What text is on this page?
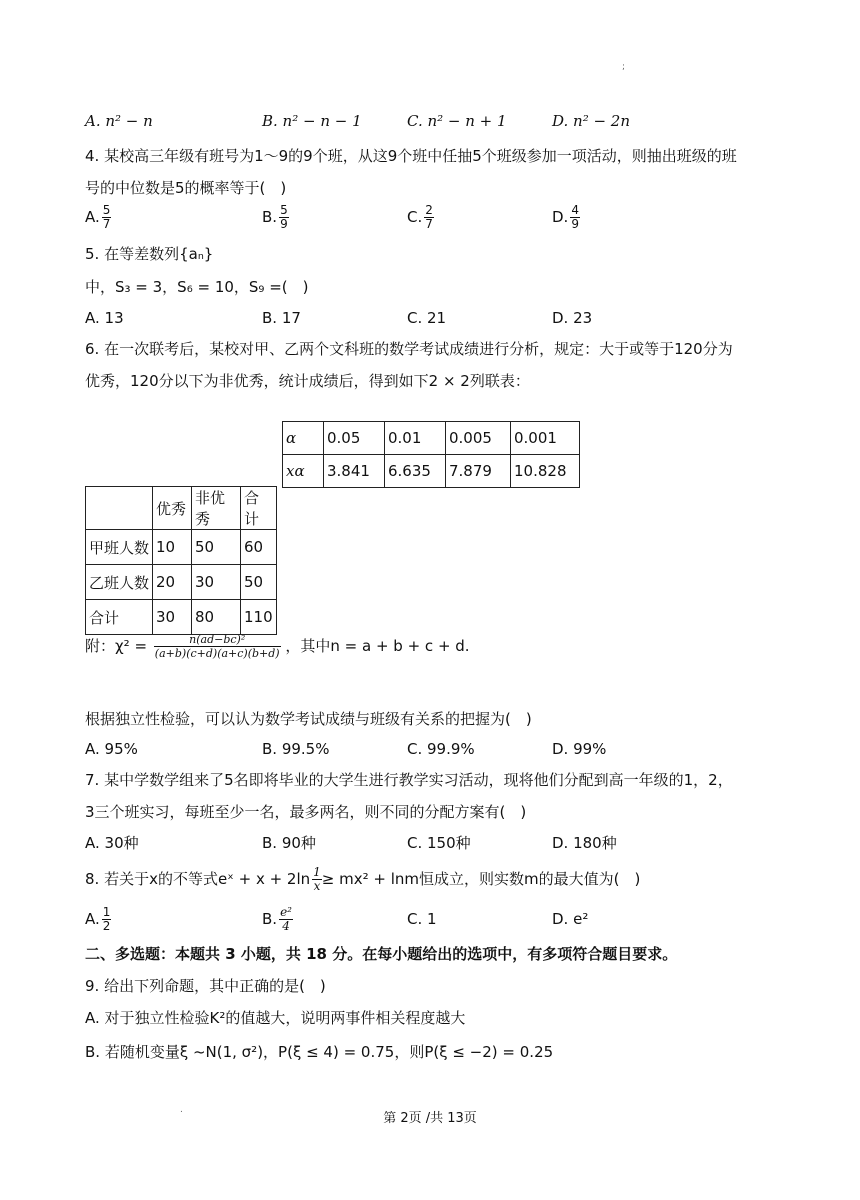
;
A. n² − n	B. n² − n − 1	C. n² − n + 1	D. n² − 2n
4. 某校高三年级有班号为1～9的9个班，从这9个班中任抽5个班级参加一项活动，则抽出班级的班
号的中位数是5的概率等于(　)
A. $\frac{5}{7}$	B. $\frac{5}{9}$	C. $\frac{2}{7}$	D. $\frac{4}{9}$
5. 在等差数列{aₙ}
中，S₃ = 3，S₆ = 10，S₉ =(　)
A. 13	B. 17	C. 21	D. 23
6. 在一次联考后，某校对甲、乙两个文科班的数学考试成绩进行分析，规定：大于或等于120分为
优秀，120分以下为非优秀，统计成绩后，得到如下2 × 2列联表：
α	0.05	0.01	0.005	0.001
xα	3.841	6.635	7.879	10.828
	优秀	非优秀	合计
甲班人数	10	50	60
乙班人数	20	30	50
合计	30	80	110
附：$\chi^2 = \frac{\text{n(ad−bc)²}}{(a+b)(c+d)(a+c)(b+d)}$ ，其中n = a + b + c + d.
根据独立性检验，可以认为数学考试成绩与班级有关系的把握为(　)
A. 95%	B. 99.5%	C. 99.9%	D. 99%
7. 某中学数学组来了5名即将毕业的大学生进行教学实习活动，现将他们分配到高一年级的1，2，
3三个班实习，每班至少一名，最多两名，则不同的分配方案有(　)
A. 30种	B. 90种	C. 150种	D. 180种
8. 若关于x的不等式eˣ + $x + 2\ln \frac{1}{x} \ge mx^2 + \ln m$恒成立，则实数m的最大值为(　)
A. $\frac{1}{2}$	B. $\frac{\text{e²}}{4}$	C. 1	D. e²
二、多选题：本题共 3 小题，共 18 分。在每小题给出的选项中，有多项符合题目要求。
9. 给出下列命题，其中正确的是(　)
A. 对于独立性检验K²的值越大，说明两事件相关程度越大
B. 若随机变量ξ ~N(1, σ²)，P(ξ ≤ 4) = 0.75，则P(ξ ≤ −2) = 0.25
.
第 2页 /共 13页
